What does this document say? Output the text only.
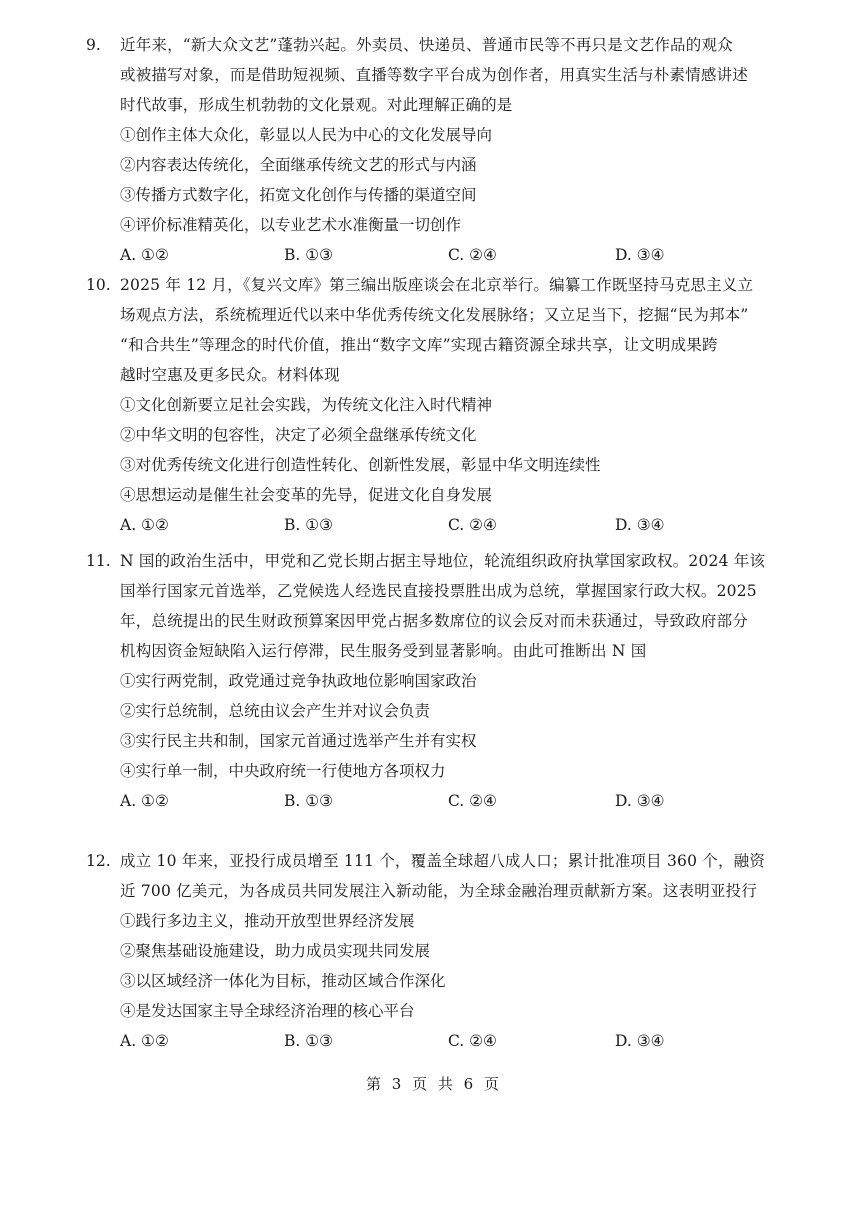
9. 近年来，“新大众文艺”蓬勃兴起。外卖员、快递员、普通市民等不再只是文艺作品的观众
或被描写对象，而是借助短视频、直播等数字平台成为创作者，用真实生活与朴素情感讲述
时代故事，形成生机勃勃的文化景观。对此理解正确的是
①创作主体大众化，彰显以人民为中心的文化发展导向
②内容表达传统化，全面继承传统文艺的形式与内涵
③传播方式数字化，拓宽文化创作与传播的渠道空间
④评价标准精英化，以专业艺术水准衡量一切创作
A. ①②	B. ①③	C. ②④	D. ③④
10. 2025 年 12 月，《复兴文库》第三编出版座谈会在北京举行。编纂工作既坚持马克思主义立
场观点方法，系统梳理近代以来中华优秀传统文化发展脉络；又立足当下，挖掘“民为邦本”
“和合共生”等理念的时代价值，推出“数字文库”实现古籍资源全球共享，让文明成果跨
越时空惠及更多民众。材料体现
①文化创新要立足社会实践，为传统文化注入时代精神
②中华文明的包容性，决定了必须全盘继承传统文化
③对优秀传统文化进行创造性转化、创新性发展，彰显中华文明连续性
④思想运动是催生社会变革的先导，促进文化自身发展
A. ①②	B. ①③	C. ②④	D. ③④
11. N 国的政治生活中，甲党和乙党长期占据主导地位，轮流组织政府执掌国家政权。2024 年该
国举行国家元首选举，乙党候选人经选民直接投票胜出成为总统，掌握国家行政大权。2025
年，总统提出的民生财政预算案因甲党占据多数席位的议会反对而未获通过，导致政府部分
机构因资金短缺陷入运行停滞，民生服务受到显著影响。由此可推断出 N 国
①实行两党制，政党通过竞争执政地位影响国家政治
②实行总统制，总统由议会产生并对议会负责
③实行民主共和制，国家元首通过选举产生并有实权
④实行单一制，中央政府统一行使地方各项权力
A. ①②	B. ①③	C. ②④	D. ③④
12. 成立 10 年来，亚投行成员增至 111 个，覆盖全球超八成人口；累计批准项目 360 个，融资
近 700 亿美元，为各成员共同发展注入新动能，为全球金融治理贡献新方案。这表明亚投行
①践行多边主义，推动开放型世界经济发展
②聚焦基础设施建设，助力成员实现共同发展
③以区域经济一体化为目标，推动区域合作深化
④是发达国家主导全球经济治理的核心平台
A. ①②	B. ①③	C. ②④	D. ③④
第 3 页 共 6 页
